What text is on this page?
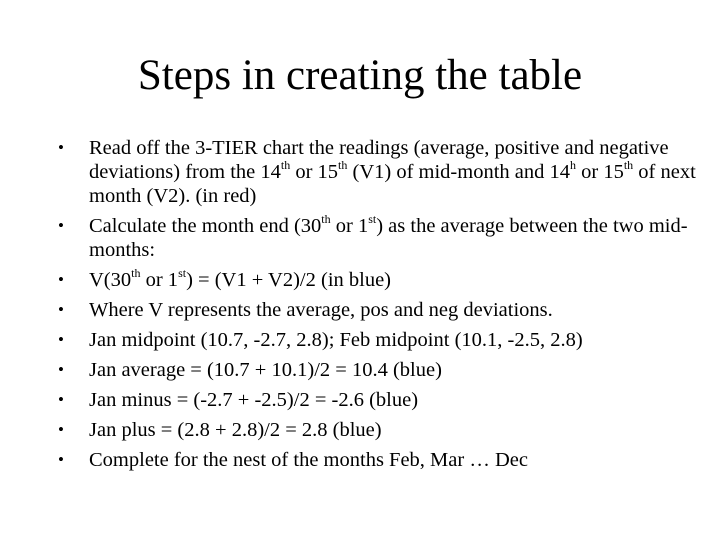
Steps in creating the table
•	Read off the 3-TIER chart the readings (average, positive and negative deviations) from the 14th or 15th (V1) of mid-month and 14$^h$ or 15th of next month (V2). (in red)
•	Calculate the month end (30th or 1st) as the average between the two mid-months:
•	V(30th or 1st) = (V1 + V2)/2 (in blue)
•	Where V represents the average, pos and neg deviations.
•	Jan midpoint (10.7, -2.7, 2.8); Feb midpoint (10.1, -2.5, 2.8)
•	Jan average = (10.7 + 10.1)/2 = 10.4 (blue)
•	Jan minus = (-2.7 + -2.5)/2 = -2.6 (blue)
•	Jan plus = (2.8 + 2.8)/2 = 2.8 (blue)
•	Complete for the nest of the months Feb, Mar … Dec
